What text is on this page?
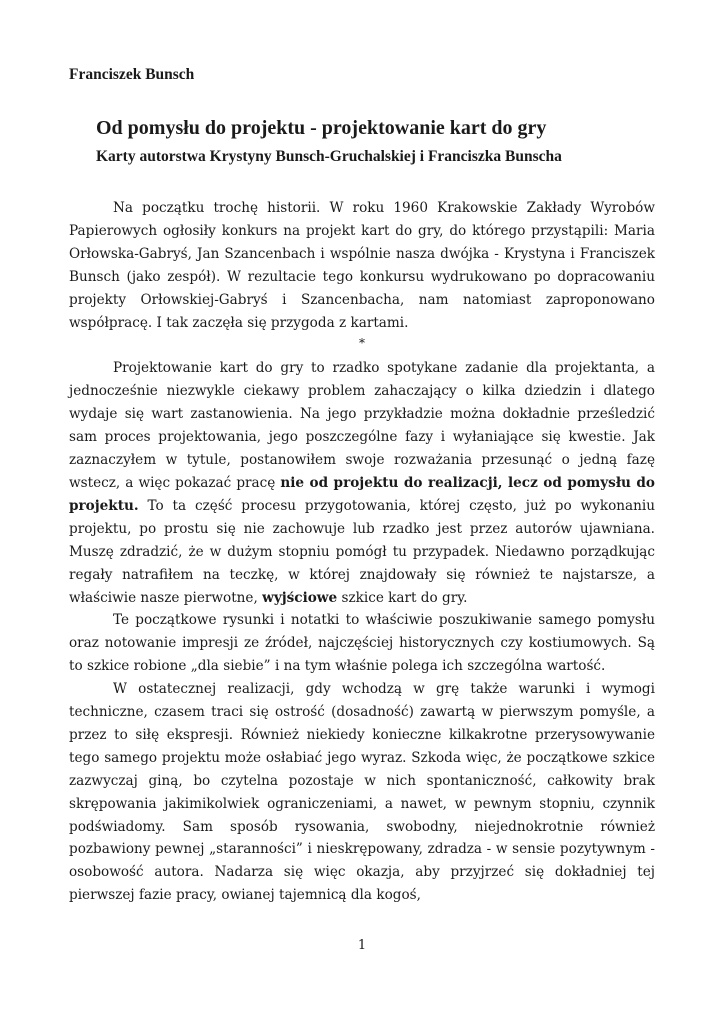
Franciszek Bunsch
Od pomysłu do projektu - projektowanie kart do gry
Karty autorstwa Krystyny Bunsch-Gruchalskiej i Franciszka Bunscha

Na początku trochę historii. W roku 1960 Krakowskie Zakłady Wyrobów Papierowych ogłosiły konkurs na projekt kart do gry, do którego przystąpili: Maria Orłowska-Gabryś, Jan Szancenbach i wspólnie nasza dwójka - Krystyna i Franciszek Bunsch (jako zespół). W rezultacie tego konkursu wydrukowano po dopracowaniu projekty Orłowskiej-Gabryś i Szancenbacha, nam natomiast zaproponowano współpracę. I tak zaczęła się przygoda z kartami.

*

Projektowanie kart do gry to rzadko spotykane zadanie dla projektanta, a jednocześnie niezwykle ciekawy problem zahaczający o kilka dziedzin i dlatego wydaje się wart zastanowienia. Na jego przykładzie można dokładnie prześledzić sam proces projektowania, jego poszczególne fazy i wyłaniające się kwestie. Jak zaznaczyłem w tytule, postanowiłem swoje rozważania przesunąć o jedną fazę wstecz, a więc pokazać pracę nie od projektu do realizacji, lecz od pomysłu do projektu. To ta część procesu przygotowania, której często, już po wykonaniu projektu, po prostu się nie zachowuje lub rzadko jest przez autorów ujawniana. Muszę zdradzić, że w dużym stopniu pomógł tu przypadek. Niedawno porządkując regały natrafiłem na teczkę, w której znajdowały się również te najstarsze, a właściwie nasze pierwotne, wyjściowe szkice kart do gry.

Te początkowe rysunki i notatki to właściwie poszukiwanie samego pomysłu oraz notowanie impresji ze źródeł, najczęściej historycznych czy kostiumowych. Są to szkice robione „dla siebie” i na tym właśnie polega ich szczególna wartość.

W ostatecznej realizacji, gdy wchodzą w grę także warunki i wymogi techniczne, czasem traci się ostrość (dosadność) zawartą w pierwszym pomyśle, a przez to siłę ekspresji. Również niekiedy konieczne kilkakrotne przerysowywanie tego samego projektu może osłabiać jego wyraz. Szkoda więc, że początkowe szkice zazwyczaj giną, bo czytelna pozostaje w nich spontaniczność, całkowity brak skrępowania jakimikolwiek ograniczeniami, a nawet, w pewnym stopniu, czynnik podświadomy. Sam sposób rysowania, swobodny, niejednokrotnie również pozbawiony pewnej „staranności” i nieskrępowany, zdradza - w sensie pozytywnym - osobowość autora. Nadarza się więc okazja, aby przyjrzeć się dokładniej tej pierwszej fazie pracy, owianej tajemnicą dla kogoś,

1
